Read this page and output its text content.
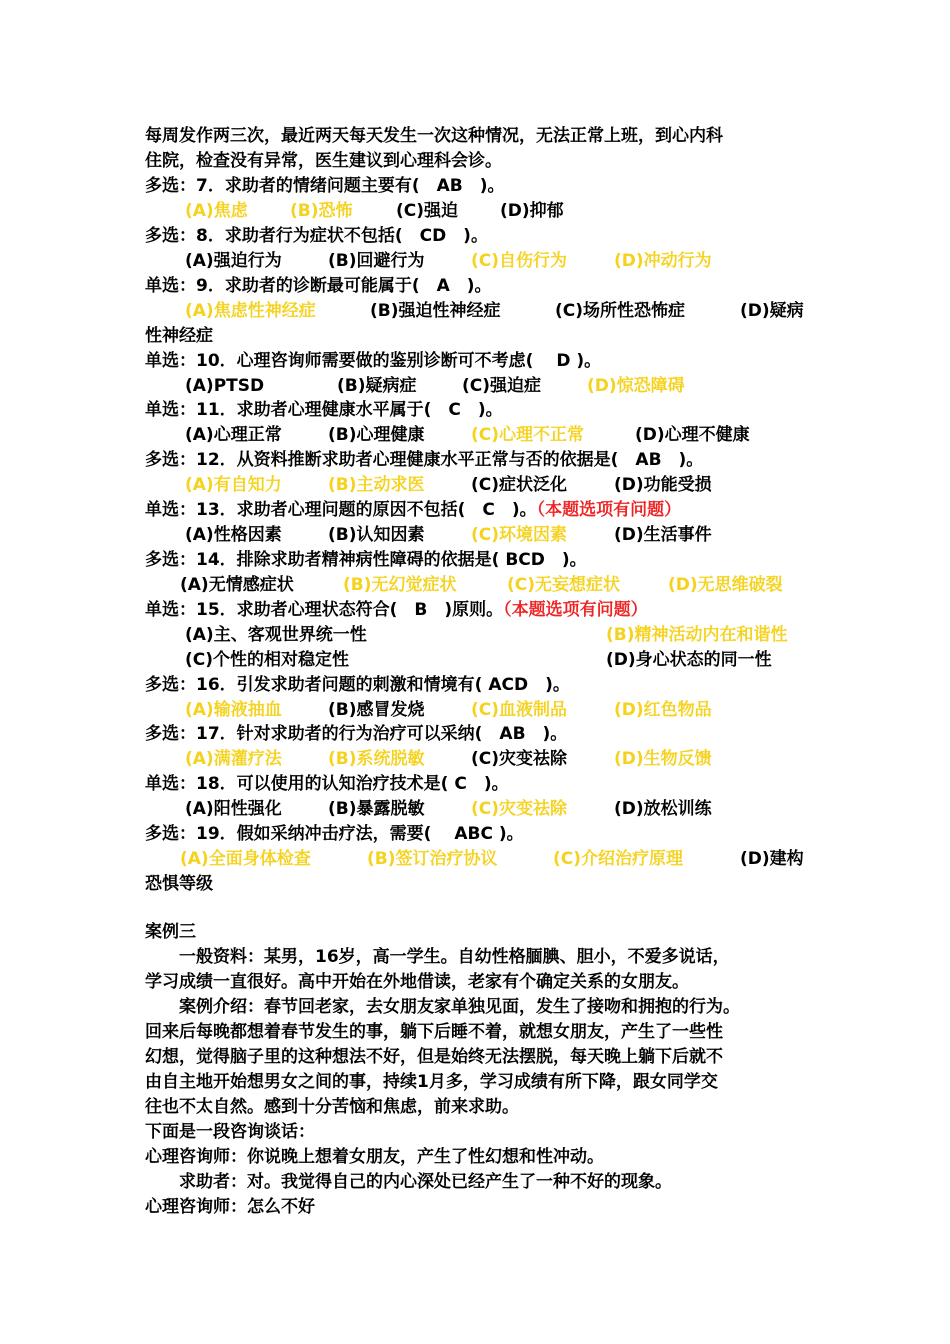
每周发作两三次，最近两天每天发生一次这种情况，无法正常上班，到心内科
住院，检查没有异常，医生建议到心理科会诊。
多选：7．求助者的情绪问题主要有(　AB　)。
(A)焦虑 (B)恐怖	(C)强迫 (D)抑郁
多选：8．求助者行为症状不包括(　CD　)。
(A)强迫行为	(B)回避行为	(C)自伤行为	(D)冲动行为
单选：9．求助者的诊断最可能属于(　A　)。
(A)焦虑性神经症	(B)强迫性神经症	(C)场所性恐怖症	(D)疑病
性神经症
单选：10．心理咨询师需要做的鉴别诊断可不考虑(　 D )。
(A)PTSD	(B)疑病症	(C)强迫症	(D)惊恐障碍
单选：11．求助者心理健康水平属于(　C　)。
(A)心理正常	(B)心理健康	(C)心理不正常	(D)心理不健康
多选：12．从资料推断求助者心理健康水平正常与否的依据是(　AB　)。
(A)有自知力	(B)主动求医	(C)症状泛化	(D)功能受损
单选：13．求助者心理问题的原因不包括(　C　)。（本题选项有问题）
(A)性格因素	(B)认知因素	(C)环境因素	(D)生活事件
多选：14．排除求助者精神病性障碍的依据是( BCD　)。
(A)无情感症状	(B)无幻觉症状	(C)无妄想症状	(D)无思维破裂
单选：15．求助者心理状态符合(　B　)原则。（本题选项有问题）
(A)主、客观世界统一性	(B)精神活动内在和谐性
(C)个性的相对稳定性	(D)身心状态的同一性
多选：16．引发求助者问题的刺激和情境有( ACD　)。
(A)输液抽血	(B)感冒发烧	(C)血液制品	(D)红色物品
多选：17．针对求助者的行为治疗可以采纳(　AB　)。
(A)满灌疗法	(B)系统脱敏	(C)灾变祛除	(D)生物反馈
单选：18．可以使用的认知治疗技术是( C　)。
(A)阳性强化	(B)暴露脱敏	(C)灾变祛除	(D)放松训练
多选：19．假如采纳冲击疗法，需要(　 ABC )。
(A)全面身体检查	(B)签订治疗协议	(C)介绍治疗原理	(D)建构
恐惧等级
案例三
　　一般资料：某男，16岁，高一学生。自幼性格腼腆、胆小，不爱多说话，
学习成绩一直很好。高中开始在外地借读，老家有个确定关系的女朋友。
　　案例介绍：春节回老家，去女朋友家单独见面，发生了接吻和拥抱的行为。
回来后每晚都想着春节发生的事，躺下后睡不着，就想女朋友，产生了一些性
幻想，觉得脑子里的这种想法不好，但是始终无法摆脱，每天晚上躺下后就不
由自主地开始想男女之间的事，持续1月多，学习成绩有所下降，跟女同学交
往也不太自然。感到十分苦恼和焦虑，前来求助。
下面是一段咨询谈话：
心理咨询师：你说晚上想着女朋友，产生了性幻想和性冲动。
　　求助者：对。我觉得自己的内心深处已经产生了一种不好的现象。
心理咨询师：怎么不好
